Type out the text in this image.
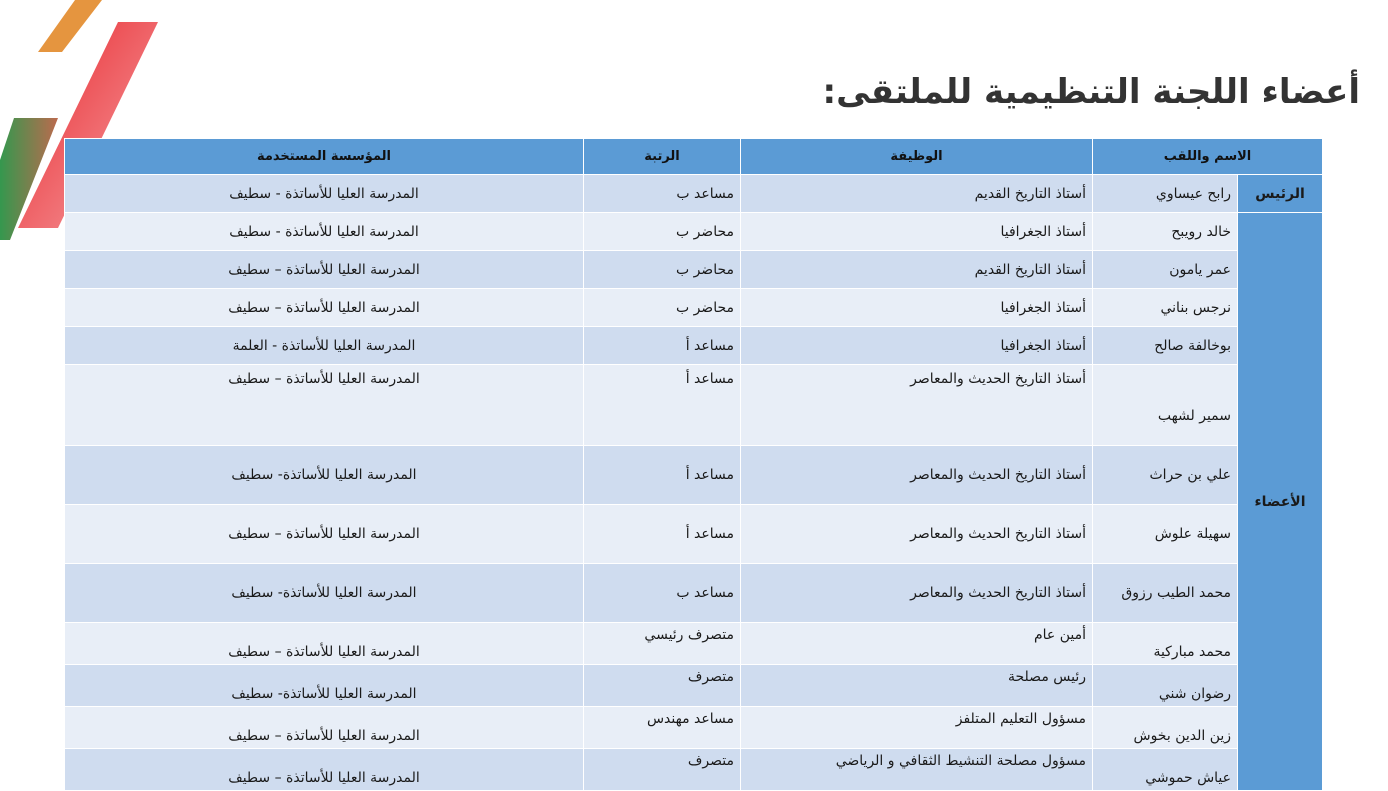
أعضاء اللجنة التنظيمية للملتقى:
الاسم واللقب		الوظيفة	الرتبة	المؤسسة المستخدمة
الرئيس	رابح عيساوي	أستاذ التاريخ القديم	مساعد ب	المدرسة العليا للأساتذة - سطيف
الأعضاء	خالد رويبح	أستاذ الجغرافيا	محاضر ب	المدرسة العليا للأساتذة - سطيف
	عمر يامون	أستاذ التاريخ القديم	محاضر ب	المدرسة العليا للأساتذة – سطيف
	نرجس بناني	أستاذ الجغرافيا	محاضر ب	المدرسة العليا للأساتذة – سطيف
	بوخالفة صالح	أستاذ الجغرافيا	مساعد أ	المدرسة العليا للأساتذة - العلمة
	سمير لشهب	أستاذ التاريخ الحديث والمعاصر	مساعد أ	المدرسة العليا للأساتذة – سطيف
	علي بن حراث	أستاذ التاريخ الحديث والمعاصر	مساعد أ	المدرسة العليا للأساتذة- سطيف
	سهيلة علوش	أستاذ التاريخ الحديث والمعاصر	مساعد أ	المدرسة العليا للأساتذة – سطيف
	محمد الطيب رزوق	أستاذ التاريخ الحديث والمعاصر	مساعد ب	المدرسة العليا للأساتذة- سطيف
	محمد مباركية	أمين عام	متصرف رئيسي	المدرسة العليا للأساتذة – سطيف
	رضوان شني	رئيس مصلحة	متصرف	المدرسة العليا للأساتذة- سطيف
	زين الدين بخوش	مسؤول التعليم المتلفز	مساعد مهندس	المدرسة العليا للأساتذة – سطيف
	عياش حموشي	مسؤول مصلحة التنشيط الثقافي و الرياضي	متصرف	المدرسة العليا للأساتذة – سطيف
